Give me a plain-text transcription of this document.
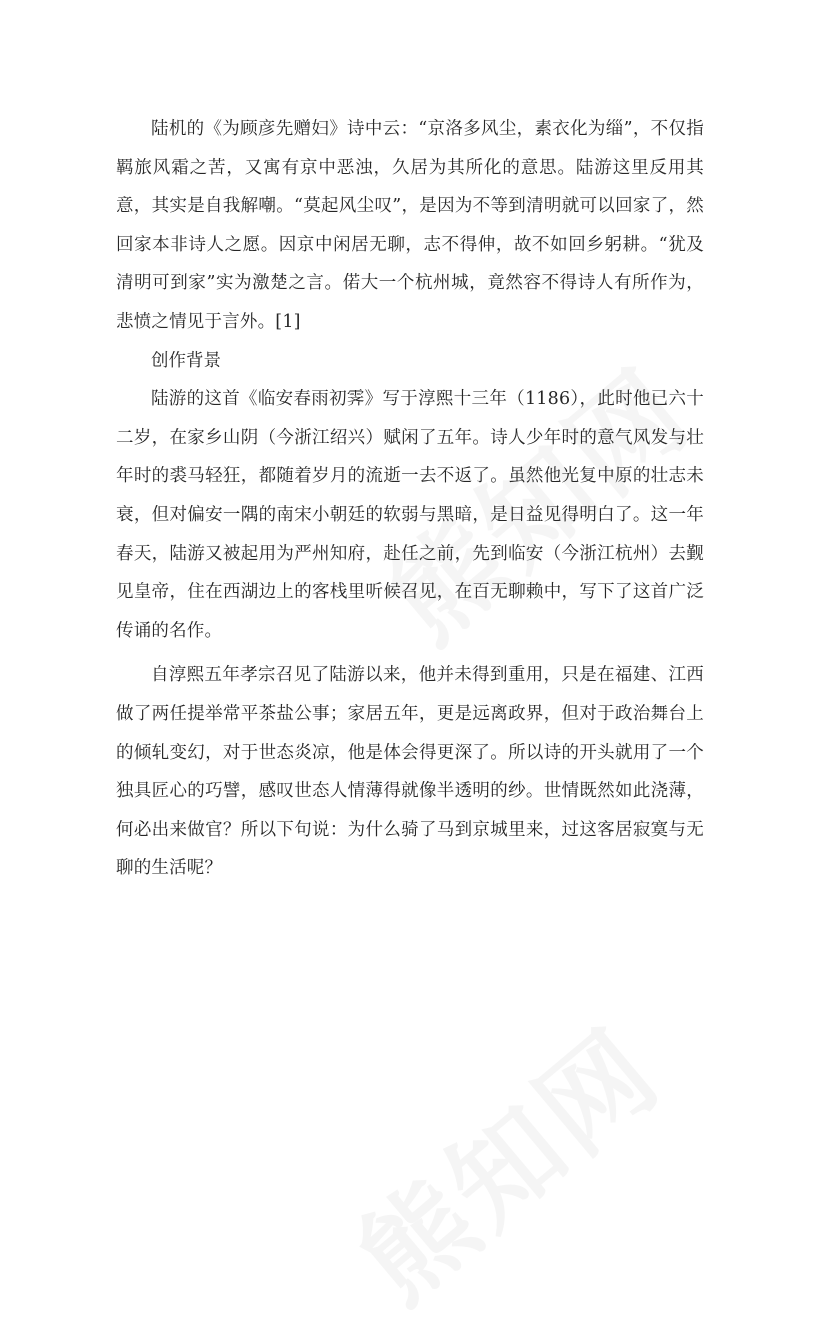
陆机的《为顾彦先赠妇》诗中云：“京洛多风尘，素衣化为缁”，不仅指羁旅风霜之苦，又寓有京中恶浊，久居为其所化的意思。陆游这里反用其意，其实是自我解嘲。“莫起风尘叹”，是因为不等到清明就可以回家了，然回家本非诗人之愿。因京中闲居无聊，志不得伸，故不如回乡躬耕。“犹及清明可到家”实为激楚之言。偌大一个杭州城，竟然容不得诗人有所作为，悲愤之情见于言外。[1]

创作背景

陆游的这首《临安春雨初霁》写于淳熙十三年（1186），此时他已六十二岁，在家乡山阴（今浙江绍兴）赋闲了五年。诗人少年时的意气风发与壮年时的裘马轻狂，都随着岁月的流逝一去不返了。虽然他光复中原的壮志未衰，但对偏安一隅的南宋小朝廷的软弱与黑暗，是日益见得明白了。这一年春天，陆游又被起用为严州知府，赴任之前，先到临安（今浙江杭州）去觐见皇帝，住在西湖边上的客栈里听候召见，在百无聊赖中，写下了这首广泛传诵的名作。

自淳熙五年孝宗召见了陆游以来，他并未得到重用，只是在福建、江西做了两任提举常平茶盐公事；家居五年，更是远离政界，但对于政治舞台上的倾轧变幻，对于世态炎凉，他是体会得更深了。所以诗的开头就用了一个独具匠心的巧譬，感叹世态人情薄得就像半透明的纱。世情既然如此浇薄，何必出来做官？所以下句说：为什么骑了马到京城里来，过这客居寂寞与无聊的生活呢？
